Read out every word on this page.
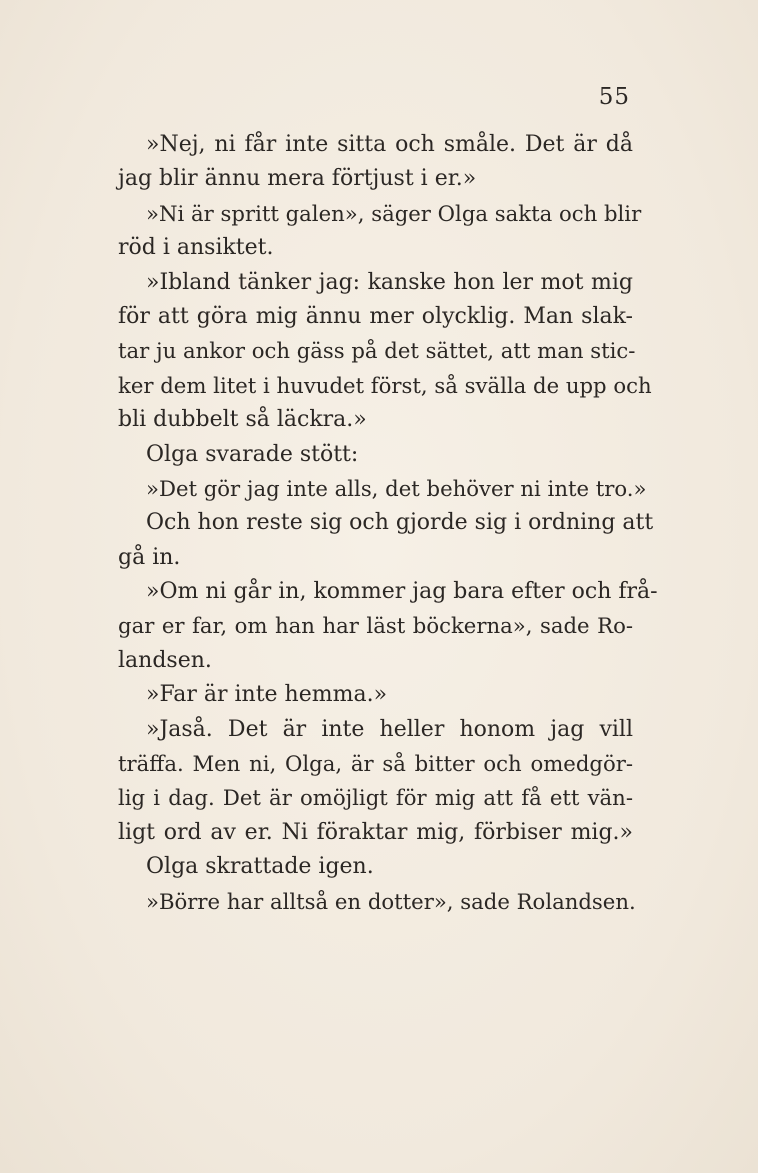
55
»Nej, ni får inte sitta och småle. Det är då
jag blir ännu mera förtjust i er.»
»Ni är spritt galen», säger Olga sakta och blir
röd i ansiktet.
»Ibland tänker jag: kanske hon ler mot mig
för att göra mig ännu mer olycklig. Man slak-
tar ju ankor och gäss på det sättet, att man stic-
ker dem litet i huvudet först, så svälla de upp och
bli dubbelt så läckra.»
Olga svarade stött:
»Det gör jag inte alls, det behöver ni inte tro.»
Och hon reste sig och gjorde sig i ordning att
gå in.
»Om ni går in, kommer jag bara efter och frå-
gar er far, om han har läst böckerna», sade Ro-
landsen.
»Far är inte hemma.»
»Jaså. Det är inte heller honom jag vill
träffa. Men ni, Olga, är så bitter och omedgör-
lig i dag. Det är omöjligt för mig att få ett vän-
ligt ord av er. Ni föraktar mig, förbiser mig.»
Olga skrattade igen.
»Börre har alltså en dotter», sade Rolandsen.
